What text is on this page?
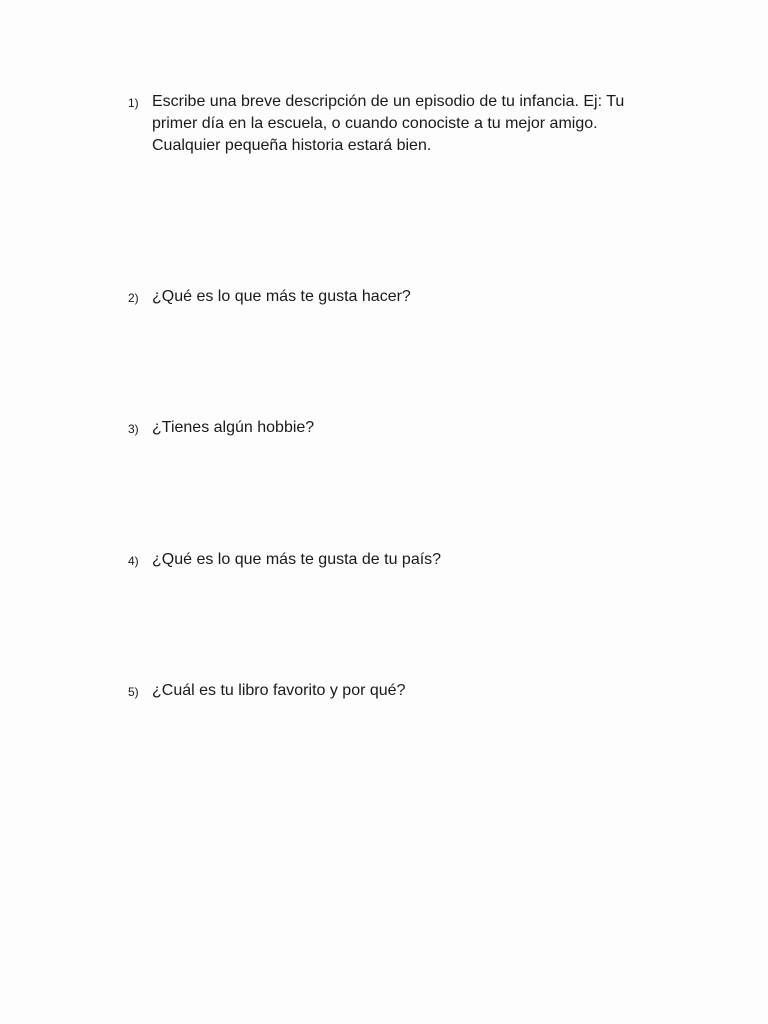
1) Escribe una breve descripción de un episodio de tu infancia. Ej: Tu primer día en la escuela, o cuando conociste a tu mejor amigo. Cualquier pequeña historia estará bien.
2) ¿Qué es lo que más te gusta hacer?
3) ¿Tienes algún hobbie?
4) ¿Qué es lo que más te gusta de tu país?
5) ¿Cuál es tu libro favorito y por qué?
